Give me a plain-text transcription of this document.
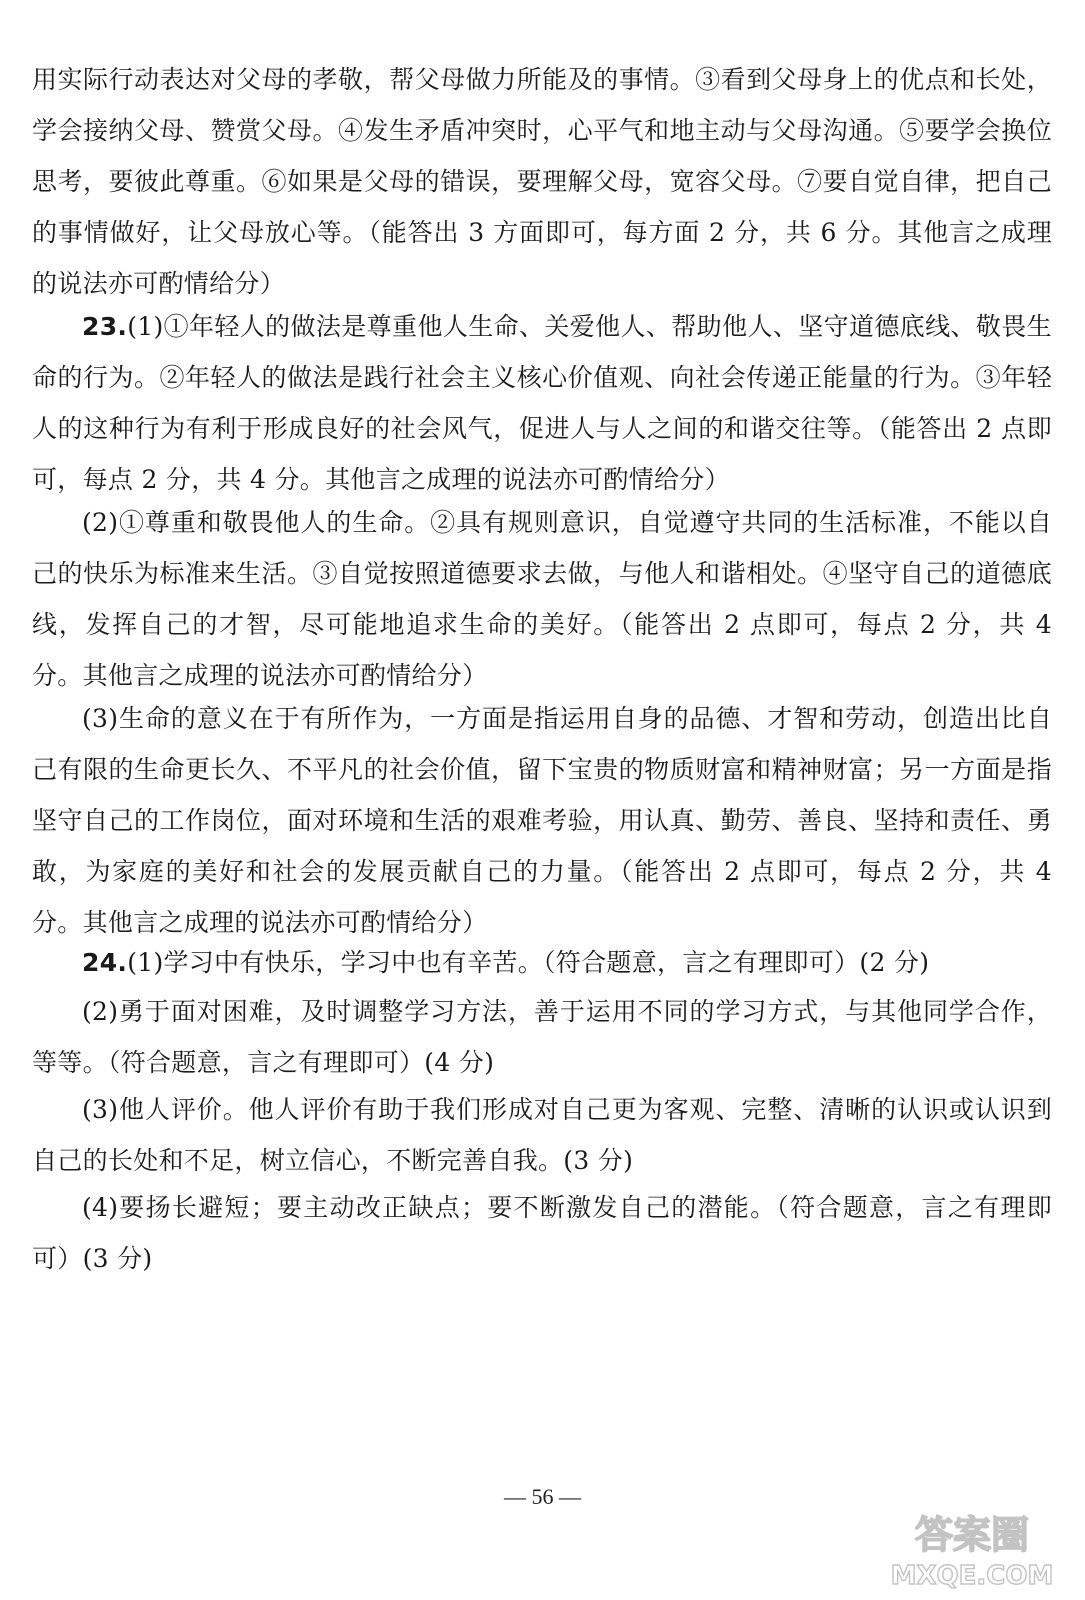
用实际行动表达对父母的孝敬，帮父母做力所能及的事情。③看到父母身上的优点和长处，学会接纳父母、赞赏父母。④发生矛盾冲突时，心平气和地主动与父母沟通。⑤要学会换位思考，要彼此尊重。⑥如果是父母的错误，要理解父母，宽容父母。⑦要自觉自律，把自己的事情做好，让父母放心等。（能答出 3 方面即可，每方面 2 分，共 6 分。其他言之成理的说法亦可酌情给分）

23.(1)①年轻人的做法是尊重他人生命、关爱他人、帮助他人、坚守道德底线、敬畏生命的行为。②年轻人的做法是践行社会主义核心价值观、向社会传递正能量的行为。③年轻人的这种行为有利于形成良好的社会风气，促进人与人之间的和谐交往等。（能答出 2 点即可，每点 2 分，共 4 分。其他言之成理的说法亦可酌情给分）

(2)①尊重和敬畏他人的生命。②具有规则意识，自觉遵守共同的生活标准，不能以自己的快乐为标准来生活。③自觉按照道德要求去做，与他人和谐相处。④坚守自己的道德底线，发挥自己的才智，尽可能地追求生命的美好。（能答出 2 点即可，每点 2 分，共 4 分。其他言之成理的说法亦可酌情给分）

(3)生命的意义在于有所作为，一方面是指运用自身的品德、才智和劳动，创造出比自己有限的生命更长久、不平凡的社会价值，留下宝贵的物质财富和精神财富；另一方面是指坚守自己的工作岗位，面对环境和生活的艰难考验，用认真、勤劳、善良、坚持和责任、勇敢，为家庭的美好和社会的发展贡献自己的力量。（能答出 2 点即可，每点 2 分，共 4 分。其他言之成理的说法亦可酌情给分）

24.(1)学习中有快乐，学习中也有辛苦。（符合题意，言之有理即可）(2 分)

(2)勇于面对困难，及时调整学习方法，善于运用不同的学习方式，与其他同学合作，等等。（符合题意，言之有理即可）(4 分)

(3)他人评价。他人评价有助于我们形成对自己更为客观、完整、清晰的认识或认识到自己的长处和不足，树立信心，不断完善自我。(3 分)

(4)要扬长避短；要主动改正缺点；要不断激发自己的潜能。（符合题意，言之有理即可）(3 分)

— 56 —
答案圈
MXQE.COM
